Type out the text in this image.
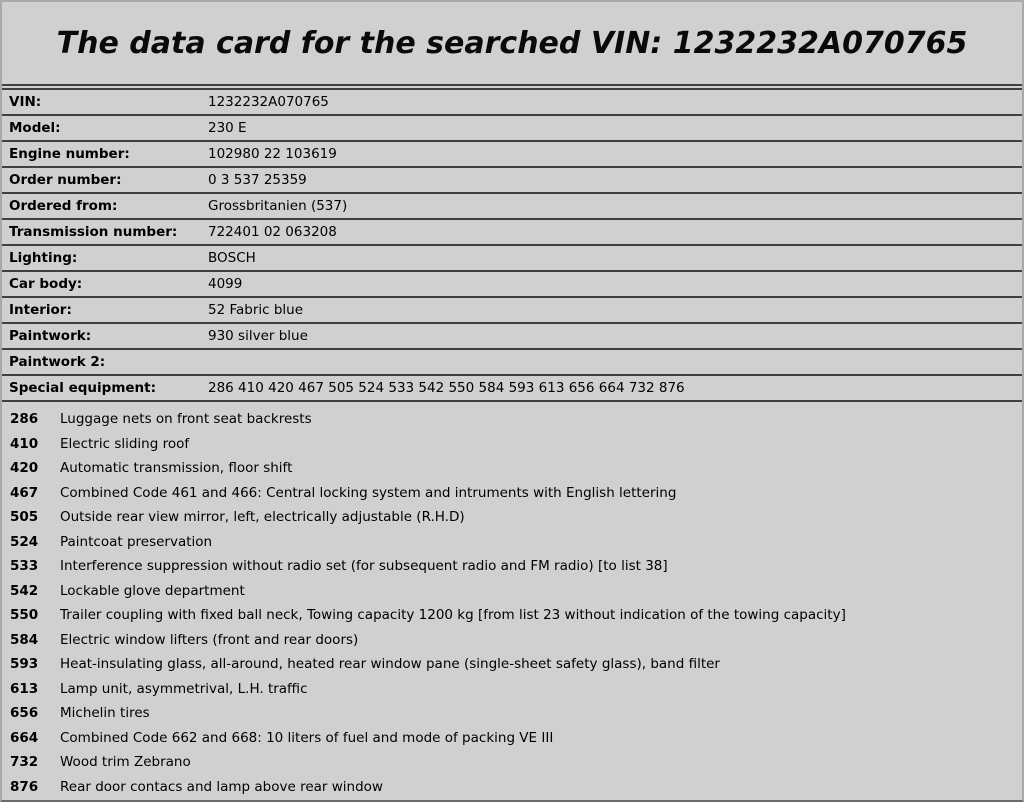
The data card for the searched VIN: 1232232A070765
VIN:	1232232A070765
Model:	230 E
Engine number:	102980 22 103619
Order number:	0 3 537 25359
Ordered from:	Grossbritanien (537)
Transmission number:	722401 02 063208
Lighting:	BOSCH
Car body:	4099
Interior:	52 Fabric blue
Paintwork:	930 silver blue
Paintwork 2:
Special equipment:	286 410 420 467 505 524 533 542 550 584 593 613 656 664 732 876
286	Luggage nets on front seat backrests
410	Electric sliding roof
420	Automatic transmission, floor shift
467	Combined Code 461 and 466: Central locking system and intruments with English lettering
505	Outside rear view mirror, left, electrically adjustable (R.H.D)
524	Paintcoat preservation
533	Interference suppression without radio set (for subsequent radio and FM radio) [to list 38]
542	Lockable glove department
550	Trailer coupling with fixed ball neck, Towing capacity 1200 kg [from list 23 without indication of the towing capacity]
584	Electric window lifters (front and rear doors)
593	Heat-insulating glass, all-around, heated rear window pane (single-sheet safety glass), band filter
613	Lamp unit, asymmetrival, L.H. traffic
656	Michelin tires
664	Combined Code 662 and 668: 10 liters of fuel and mode of packing VE III
732	Wood trim Zebrano
876	Rear door contacs and lamp above rear window
